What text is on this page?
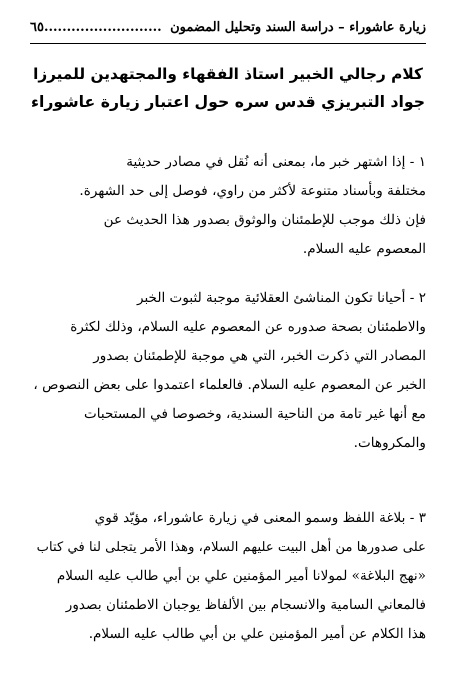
زيارة عاشوراء – دراسة السند وتحليل المضمون
٦٥..........................
كلام رجالي الخبير استاذ الفقهاء والمجتهدين للميرزا
جواد التبريزي قدس سره حول اعتبار زيارة عاشوراء
١ - إذا اشتهر خبر ما، بمعنى أنه نُقل في مصادر حديثية
مختلفة وبأسناد متنوعة لأكثر من راوي، فوصل إلى حد الشهرة.
فإن ذلك موجب للإطمئنان والوثوق بصدور هذا الحديث عن
المعصوم عليه السلام.
٢ - أحيانا تكون المناشئ العقلائية موجبة لثبوت الخبر
والاطمئنان بصحة صدوره عن المعصوم عليه السلام، وذلك لكثرة
المصادر التي ذكرت الخبر، التي هي موجبة للإطمئنان بصدور
الخبر عن المعصوم عليه السلام. فالعلماء اعتمدوا على بعض النصوص ،
مع أنها غير تامة من الناحية السندية، وخصوصا في المستحبات
والمكروهات.
٣ - بلاغة اللفظ وسمو المعنى في زيارة عاشوراء، مؤيّد قوي
على صدورها من أهل البيت عليهم السلام، وهذا الأمر يتجلى لنا في كتاب
«نهج البلاغة» لمولانا أمير المؤمنين علي بن أبي طالب عليه السلام
فالمعاني السامية والانسجام بين الألفاظ يوجبان الاطمئنان بصدور
هذا الكلام عن أمير المؤمنين علي بن أبي طالب عليه السلام.
